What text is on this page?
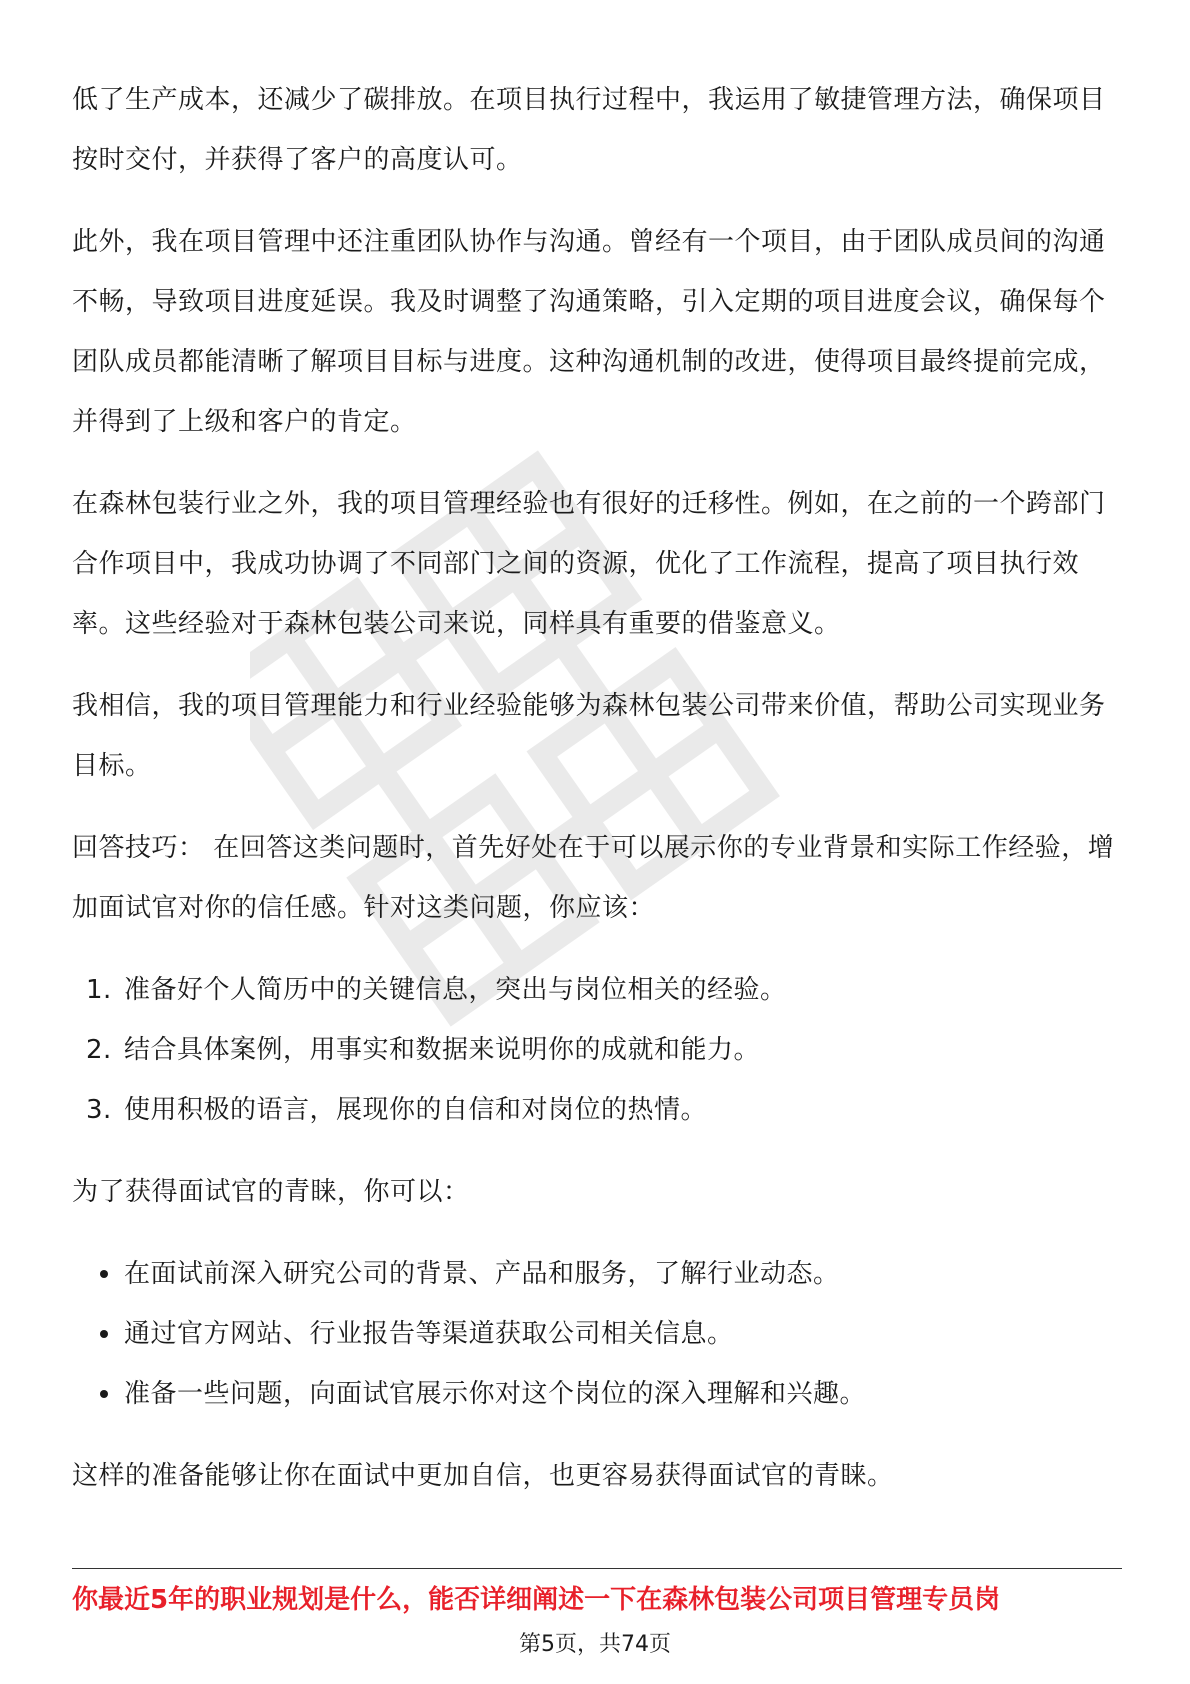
低了生产成本，还减少了碳排放。在项目执行过程中，我运用了敏捷管理方法，确保项目按时交付，并获得了客户的高度认可。

此外，我在项目管理中还注重团队协作与沟通。曾经有一个项目，由于团队成员间的沟通不畅，导致项目进度延误。我及时调整了沟通策略，引入定期的项目进度会议，确保每个团队成员都能清晰了解项目目标与进度。这种沟通机制的改进，使得项目最终提前完成，并得到了上级和客户的肯定。

在森林包装行业之外，我的项目管理经验也有很好的迁移性。例如，在之前的一个跨部门合作项目中，我成功协调了不同部门之间的资源，优化了工作流程，提高了项目执行效率。这些经验对于森林包装公司来说，同样具有重要的借鉴意义。

我相信，我的项目管理能力和行业经验能够为森林包装公司带来价值，帮助公司实现业务目标。

回答技巧： 在回答这类问题时，首先好处在于可以展示你的专业背景和实际工作经验，增加面试官对你的信任感。针对这类问题，你应该：

1. 准备好个人简历中的关键信息，突出与岗位相关的经验。
2. 结合具体案例，用事实和数据来说明你的成就和能力。
3. 使用积极的语言，展现你的自信和对岗位的热情。

为了获得面试官的青睐，你可以：

在面试前深入研究公司的背景、产品和服务，了解行业动态。
通过官方网站、行业报告等渠道获取公司相关信息。
准备一些问题，向面试官展示你对这个岗位的深入理解和兴趣。

这样的准备能够让你在面试中更加自信，也更容易获得面试官的青睐。

你最近5年的职业规划是什么，能否详细阐述一下在森林包装公司项目管理专员岗
第5页，共74页
